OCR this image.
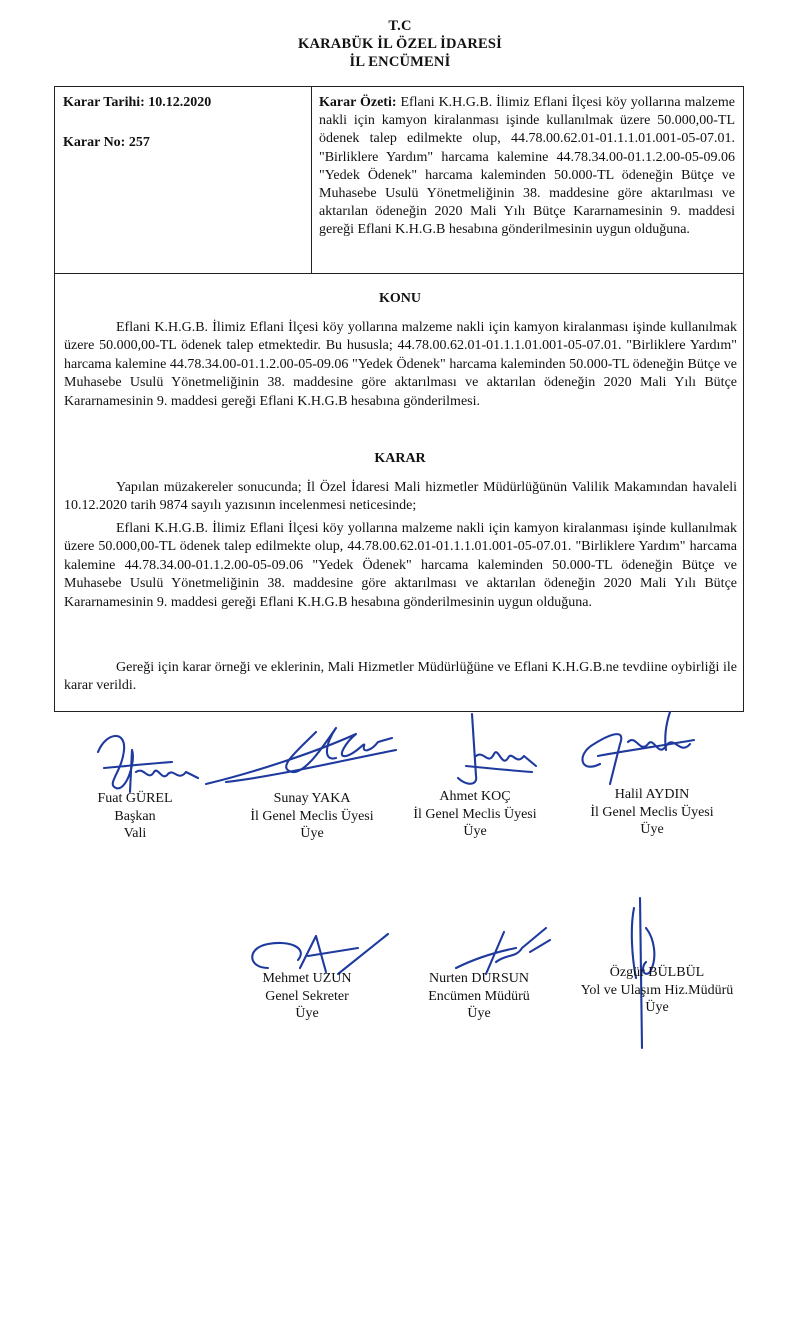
T.C
KARABÜK İL ÖZEL İDARESİ
İL ENCÜMENİ
Karar Tarihi: 10.12.2020
Karar No: 257
Karar Özeti: Eflani K.H.G.B. İlimiz Eflani İlçesi köy yollarına malzeme nakli için kamyon kiralanması işinde kullanılmak üzere 50.000,00-TL ödenek talep edilmekte olup, 44.78.00.62.01-01.1.1.01.001-05-07.01. "Birliklere Yardım" harcama kalemine 44.78.34.00-01.1.2.00-05-09.06 "Yedek Ödenek" harcama kaleminden 50.000-TL ödeneğin Bütçe ve Muhasebe Usulü Yönetmeliğinin 38. maddesine göre aktarılması ve aktarılan ödeneğin 2020 Mali Yılı Bütçe Kararnamesinin 9. maddesi gereği Eflani K.H.G.B hesabına gönderilmesinin uygun olduğuna.
KONU
Eflani K.H.G.B. İlimiz Eflani İlçesi köy yollarına malzeme nakli için kamyon kiralanması işinde kullanılmak üzere 50.000,00-TL ödenek talep etmektedir. Bu hususla; 44.78.00.62.01-01.1.1.01.001-05-07.01. "Birliklere Yardım" harcama kalemine 44.78.34.00-01.1.2.00-05-09.06 "Yedek Ödenek" harcama kaleminden 50.000-TL ödeneğin Bütçe ve Muhasebe Usulü Yönetmeliğinin 38. maddesine göre aktarılması ve aktarılan ödeneğin 2020 Mali Yılı Bütçe Kararnamesinin 9. maddesi gereği Eflani K.H.G.B hesabına gönderilmesi.
KARAR
Yapılan müzakereler sonucunda; İl Özel İdaresi Mali hizmetler Müdürlüğünün Valilik Makamından havaleli 10.12.2020 tarih 9874 sayılı yazısının incelenmesi neticesinde;
Eflani K.H.G.B. İlimiz Eflani İlçesi köy yollarına malzeme nakli için kamyon kiralanması işinde kullanılmak üzere 50.000,00-TL ödenek talep edilmekte olup, 44.78.00.62.01-01.1.1.01.001-05-07.01. "Birliklere Yardım" harcama kalemine 44.78.34.00-01.1.2.00-05-09.06 "Yedek Ödenek" harcama kaleminden 50.000-TL ödeneğin Bütçe ve Muhasebe Usulü Yönetmeliğinin 38. maddesine göre aktarılması ve aktarılan ödeneğin 2020 Mali Yılı Bütçe Kararnamesinin 9. maddesi gereği Eflani K.H.G.B hesabına gönderilmesinin uygun olduğuna.
Gereği için karar örneği ve eklerinin, Mali Hizmetler Müdürlüğüne ve Eflani K.H.G.B.ne tevdiine oybirliği ile karar verildi.
Fuat GÜREL
Başkan
Vali
Sunay YAKA
İl Genel Meclis Üyesi
Üye
Ahmet KOÇ
İl Genel Meclis Üyesi
Üye
Halil AYDIN
İl Genel Meclis Üyesi
Üye
Mehmet UZUN
Genel Sekreter
Üye
Nurten DURSUN
Encümen Müdürü
Üye
Özgür BÜLBÜL
Yol ve Ulaşım Hiz.Müdürü
Üye
